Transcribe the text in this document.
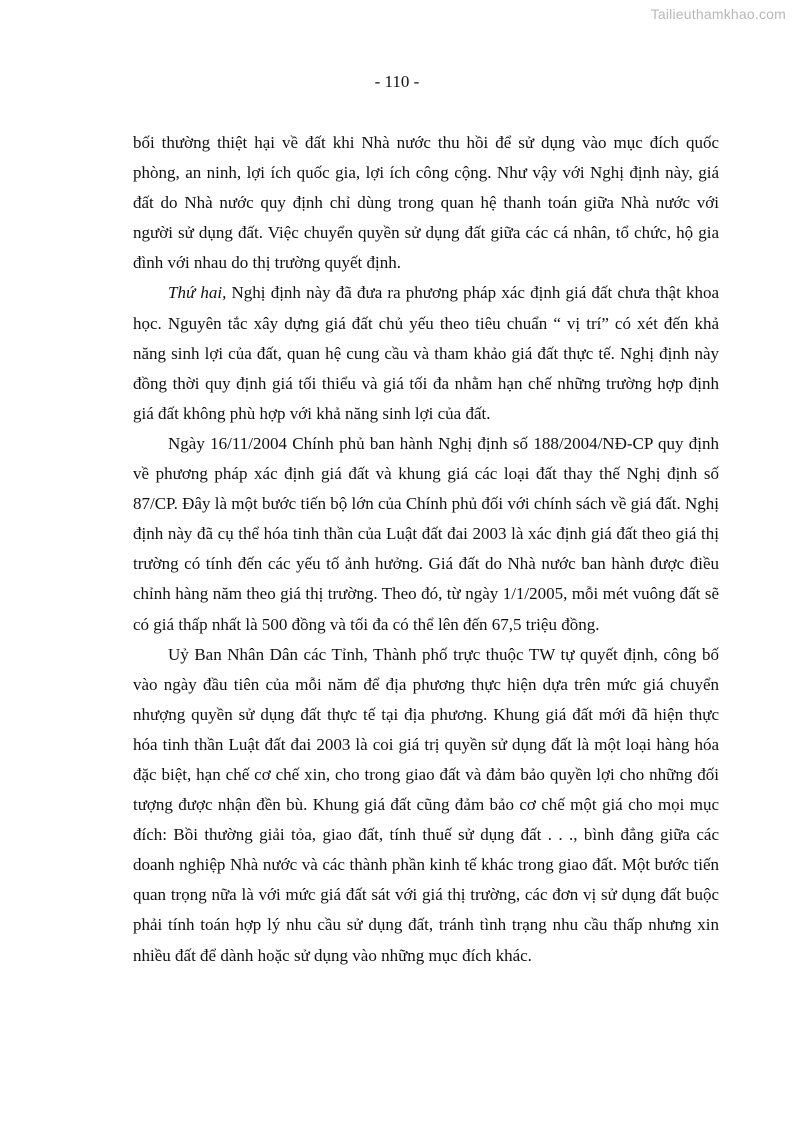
Tailieuthamkhao.com
- 110 -

bối thường thiệt hại về đất khi Nhà nước thu hồi để sử dụng vào mục đích quốc phòng, an ninh, lợi ích quốc gia, lợi ích công cộng. Như vậy với Nghị định này, giá đất do Nhà nước quy định chỉ dùng trong quan hệ thanh toán giữa Nhà nước với người sử dụng đất. Việc chuyển quyền sử dụng đất giữa các cá nhân, tổ chức, hộ gia đình với nhau do thị trường quyết định.

Thứ hai, Nghị định này đã đưa ra phương pháp xác định giá đất chưa thật khoa học. Nguyên tắc xây dựng giá đất chủ yếu theo tiêu chuẩn “ vị trí” có xét đến khả năng sinh lợi của đất, quan hệ cung cầu và tham khảo giá đất thực tế. Nghị định này đồng thời quy định giá tối thiểu và giá tối đa nhằm hạn chế những trường hợp định giá đất không phù hợp với khả năng sinh lợi của đất.

Ngày 16/11/2004 Chính phủ ban hành Nghị định số 188/2004/NĐ-CP quy định về phương pháp xác định giá đất và khung giá các loại đất thay thế Nghị định số 87/CP. Đây là một bước tiến bộ lớn của Chính phủ đối với chính sách về giá đất. Nghị định này đã cụ thể hóa tinh thần của Luật đất đai 2003 là xác định giá đất theo giá thị trường có tính đến các yếu tố ảnh hưởng. Giá đất do Nhà nước ban hành được điều chỉnh hàng năm theo giá thị trường. Theo đó, từ ngày 1/1/2005, mỗi mét vuông đất sẽ có giá thấp nhất là 500 đồng và tối đa có thể lên đến 67,5 triệu đồng.

Uỷ Ban Nhân Dân các Tỉnh, Thành phố trực thuộc TW tự quyết định, công bố vào ngày đầu tiên của mỗi năm để địa phương thực hiện dựa trên mức giá chuyển nhượng quyền sử dụng đất thực tế tại địa phương. Khung giá đất mới đã hiện thực hóa tinh thần Luật đất đai 2003 là coi giá trị quyền sử dụng đất là một loại hàng hóa đặc biệt, hạn chế cơ chế xin, cho trong giao đất và đảm bảo quyền lợi cho những đối tượng được nhận đền bù. Khung giá đất cũng đảm bảo cơ chế một giá cho mọi mục đích: Bồi thường giải tỏa, giao đất, tính thuế sử dụng đất . . ., bình đẳng giữa các doanh nghiệp Nhà nước và các thành phần kinh tế khác trong giao đất. Một bước tiến quan trọng nữa là với mức giá đất sát với giá thị trường, các đơn vị sử dụng đất buộc phải tính toán hợp lý nhu cầu sử dụng đất, tránh tình trạng nhu cầu thấp nhưng xin nhiều đất để dành hoặc sử dụng vào những mục đích khác.
